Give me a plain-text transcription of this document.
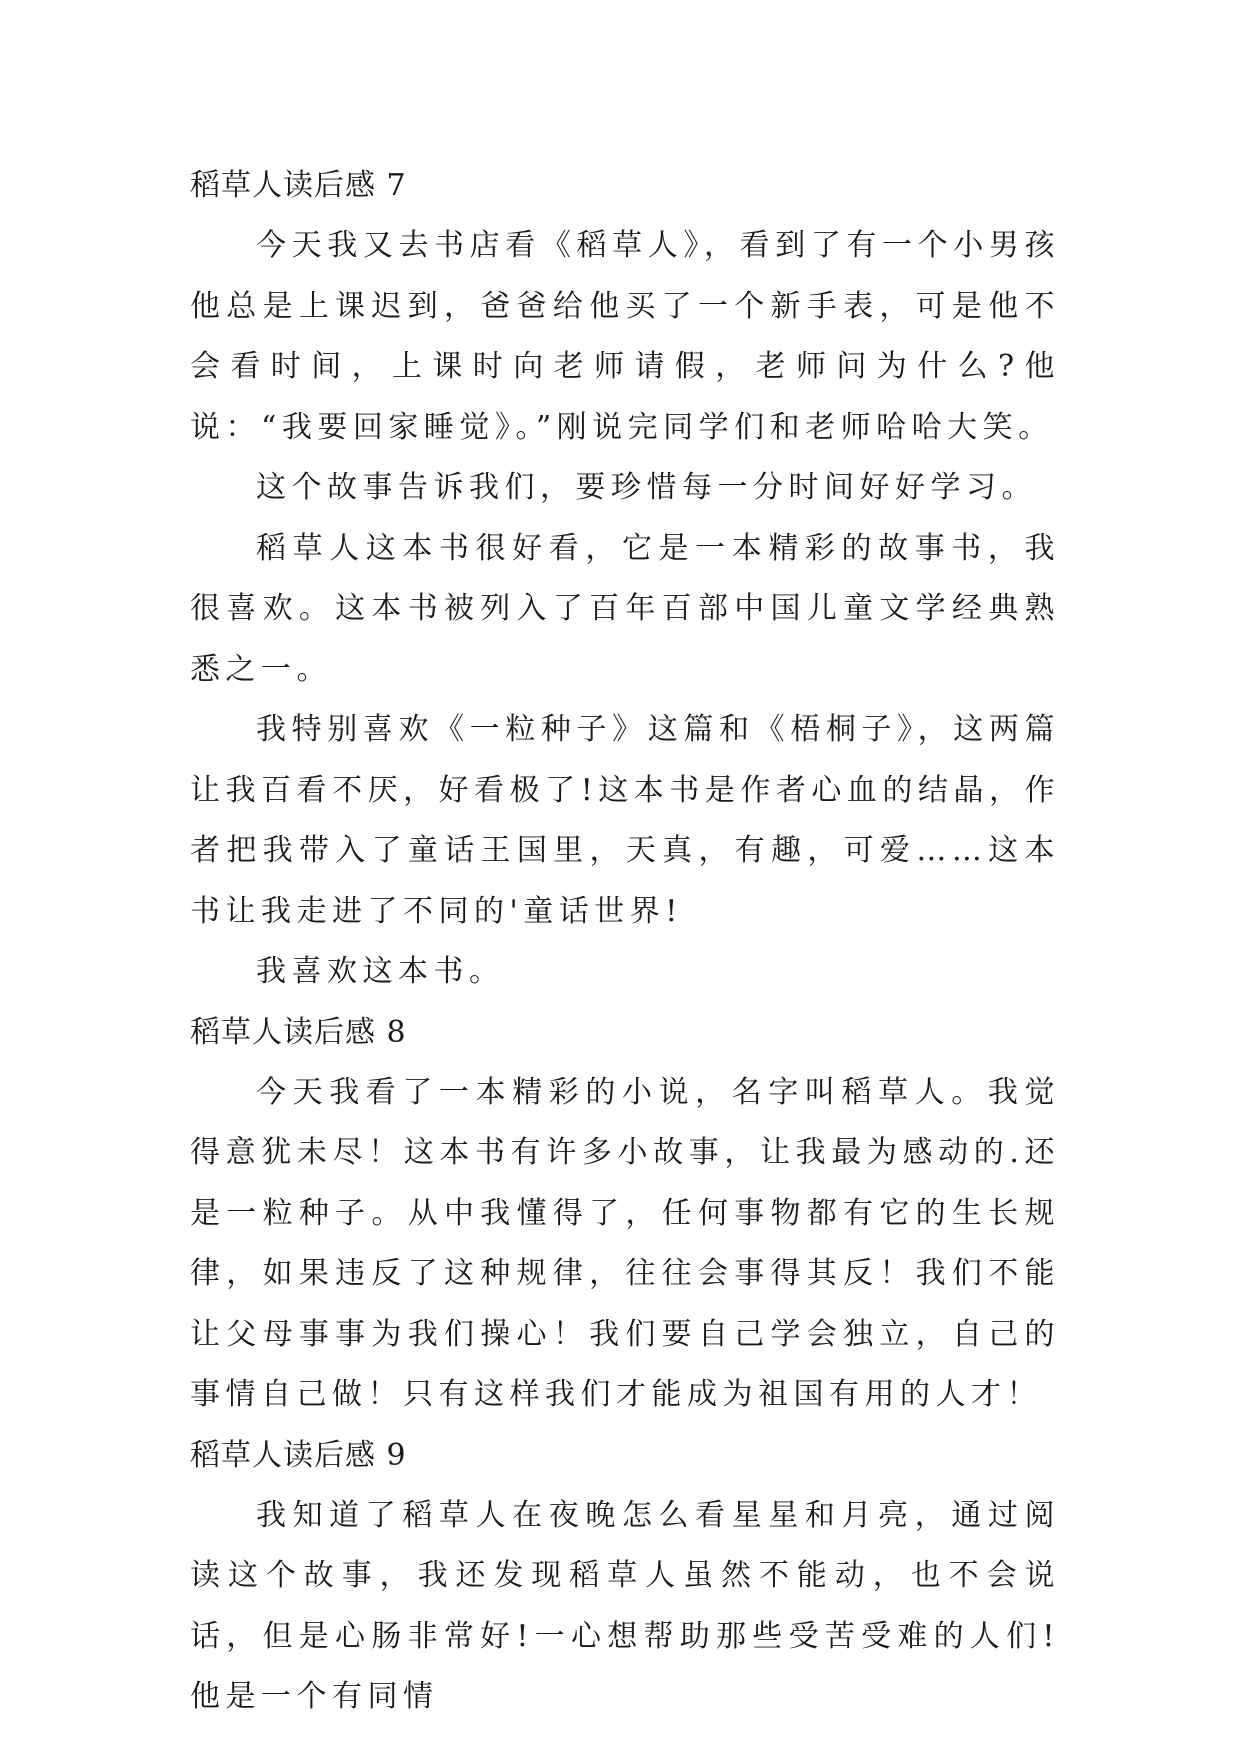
稻草人读后感 7

今天我又去书店看《稻草人》，看到了有一个小男孩他总是上课迟到，爸爸给他买了一个新手表，可是他不会看时间，上课时向老师请假，老师问为什么?他说：“我要回家睡觉》。”刚说完同学们和老师哈哈大笑。

这个故事告诉我们，要珍惜每一分时间好好学习。

稻草人这本书很好看，它是一本精彩的故事书，我很喜欢。这本书被列入了百年百部中国儿童文学经典熟悉之一。

我特别喜欢《一粒种子》这篇和《梧桐子》，这两篇让我百看不厌，好看极了!这本书是作者心血的结晶，作者把我带入了童话王国里，天真，有趣，可爱……这本书让我走进了不同的'童话世界!

我喜欢这本书。

稻草人读后感 8

今天我看了一本精彩的小说，名字叫稻草人。我觉得意犹未尽！这本书有许多小故事，让我最为感动的.还是一粒种子。从中我懂得了，任何事物都有它的生长规律，如果违反了这种规律，往往会事得其反！我们不能让父母事事为我们操心！我们要自己学会独立，自己的事情自己做！只有这样我们才能成为祖国有用的人才！

稻草人读后感 9

我知道了稻草人在夜晚怎么看星星和月亮，通过阅读这个故事，我还发现稻草人虽然不能动，也不会说话，但是心肠非常好!一心想帮助那些受苦受难的人们!他是一个有同情
